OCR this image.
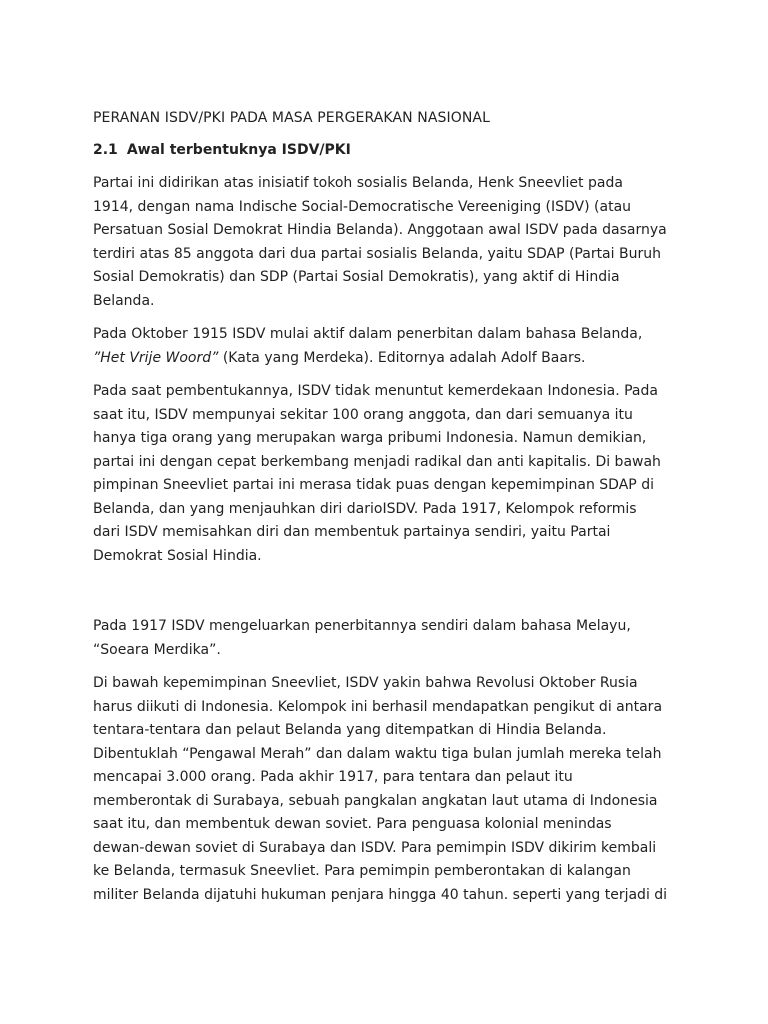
PERANAN ISDV/PKI PADA MASA PERGERAKAN NASIONAL
2.1 Awal terbentuknya ISDV/PKI

Partai ini didirikan atas inisiatif tokoh sosialis Belanda, Henk Sneevliet pada
1914, dengan nama Indische Social-Democratische Vereeniging (ISDV) (atau
Persatuan Sosial Demokrat Hindia Belanda). Anggotaan awal ISDV pada dasarnya
terdiri atas 85 anggota dari dua partai sosialis Belanda, yaitu SDAP (Partai Buruh
Sosial Demokratis) dan SDP (Partai Sosial Demokratis), yang aktif di Hindia
Belanda.

Pada Oktober 1915 ISDV mulai aktif dalam penerbitan dalam bahasa Belanda,
”Het Vrije Woord” (Kata yang Merdeka). Editornya adalah Adolf Baars.

Pada saat pembentukannya, ISDV tidak menuntut kemerdekaan Indonesia. Pada
saat itu, ISDV mempunyai sekitar 100 orang anggota, dan dari semuanya itu
hanya tiga orang yang merupakan warga pribumi Indonesia. Namun demikian,
partai ini dengan cepat berkembang menjadi radikal dan anti kapitalis. Di bawah
pimpinan Sneevliet partai ini merasa tidak puas dengan kepemimpinan SDAP di
Belanda, dan yang menjauhkan diri darioISDV. Pada 1917, Kelompok reformis
dari ISDV memisahkan diri dan membentuk partainya sendiri, yaitu Partai
Demokrat Sosial Hindia.

Pada 1917 ISDV mengeluarkan penerbitannya sendiri dalam bahasa Melayu,
“Soeara Merdika”.

Di bawah kepemimpinan Sneevliet, ISDV yakin bahwa Revolusi Oktober Rusia
harus diikuti di Indonesia. Kelompok ini berhasil mendapatkan pengikut di antara
tentara-tentara dan pelaut Belanda yang ditempatkan di Hindia Belanda.
Dibentuklah “Pengawal Merah” dan dalam waktu tiga bulan jumlah mereka telah
mencapai 3.000 orang. Pada akhir 1917, para tentara dan pelaut itu
memberontak di Surabaya, sebuah pangkalan angkatan laut utama di Indonesia
saat itu, dan membentuk dewan soviet. Para penguasa kolonial menindas
dewan-dewan soviet di Surabaya dan ISDV. Para pemimpin ISDV dikirim kembali
ke Belanda, termasuk Sneevliet. Para pemimpin pemberontakan di kalangan
militer Belanda dijatuhi hukuman penjara hingga 40 tahun. seperti yang terjadi di
